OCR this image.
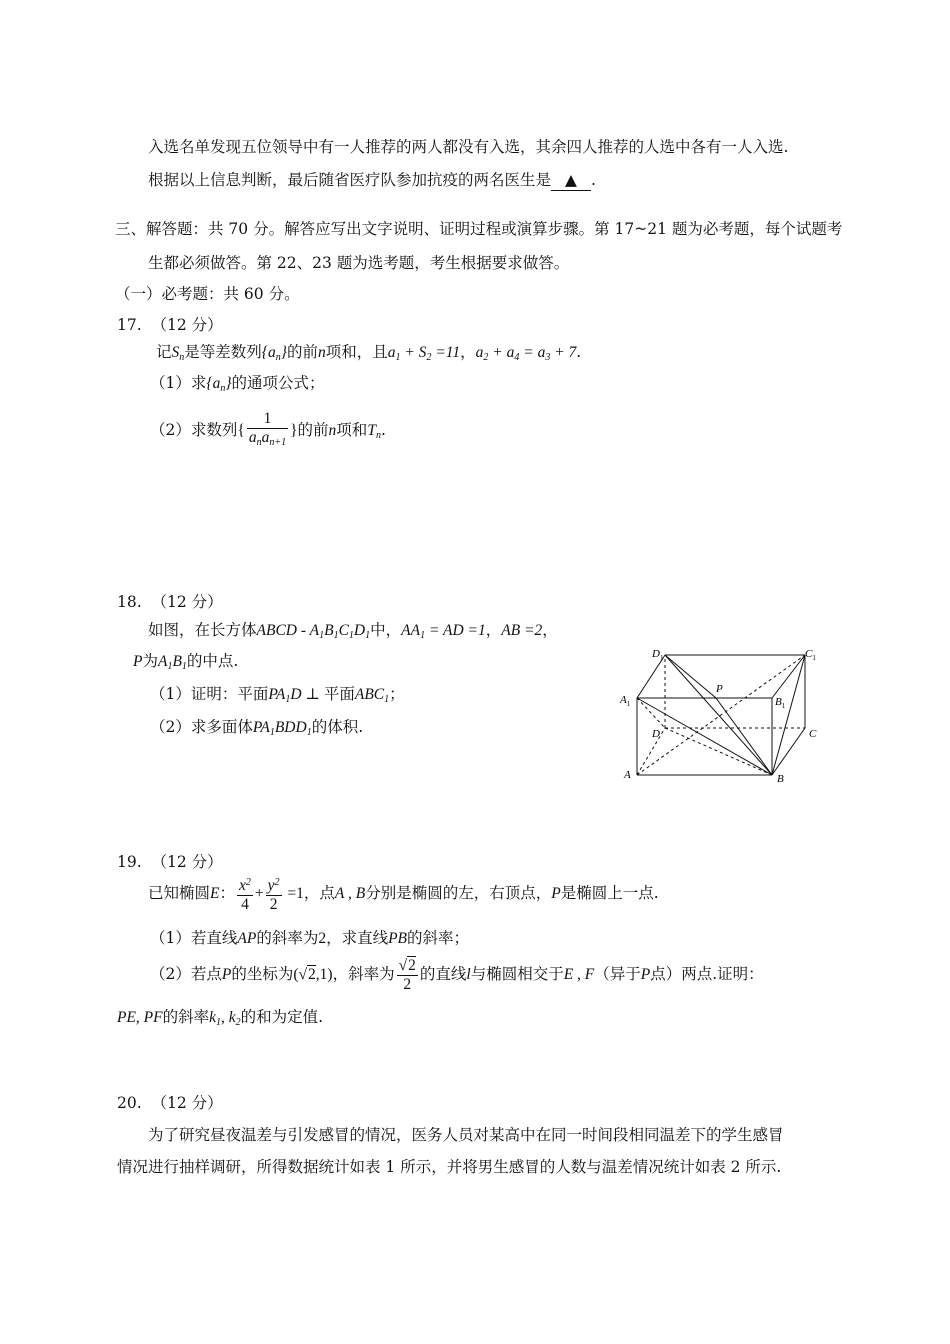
入选名单发现五位领导中有一人推荐的两人都没有入选，其余四人推荐的人选中各有一人入选.
根据以上信息判断，最后随省医疗队参加抗疫的两名医生是 ▲ .
三、解答题：共 70 分。解答应写出文字说明、证明过程或演算步骤。第 17~21 题为必考题，每个试题考
生都必须做答。第 22、23 题为选考题，考生根据要求做答。
（一）必考题：共 60 分。
17. （12 分）
记$S_n$是等差数列$\{a_n\}$的前n项和，且$a_1 + S_2 =11$，$a_2 + a_4 = a_3 + 7$.
（1）求$\{a_n\}$的通项公式；
（2）求数列{ $\frac{1}{a_na_{n+1}}$ }的前n项和$T_n$.
18. （12 分）
如图，在长方体ABCD - $A_1B_1C_1D_1$中，$AA_1$ = AD =1，AB =2，
P为$A_1B_1$的中点.
（1）证明：平面$PA_1D$ ⊥ 平面$ABC_1$；
（2）求多面体$PA_1BDD_1$的体积.
$D_1$	$C_1$
$A_1$	$B_1$
P
D	C
A	B
19. （12 分）
已知椭圆E： $\frac{x^2}{4} + \frac{y^2}{2} =1$，点A , B分别是椭圆的左，右顶点，P是椭圆上一点.
（1）若直线AP的斜率为2，求直线PB的斜率；
（2）若点P的坐标为(√2,1)，斜率为 $\frac{√2}{2}$ 的直线l与椭圆相交于E , F（异于P点）两点.证明：
PE, PF的斜率$k_1$, $k_2$的和为定值.
20. （12 分）
为了研究昼夜温差与引发感冒的情况，医务人员对某高中在同一时间段相同温差下的学生感冒
情况进行抽样调研，所得数据统计如表 1 所示，并将男生感冒的人数与温差情况统计如表 2 所示.
